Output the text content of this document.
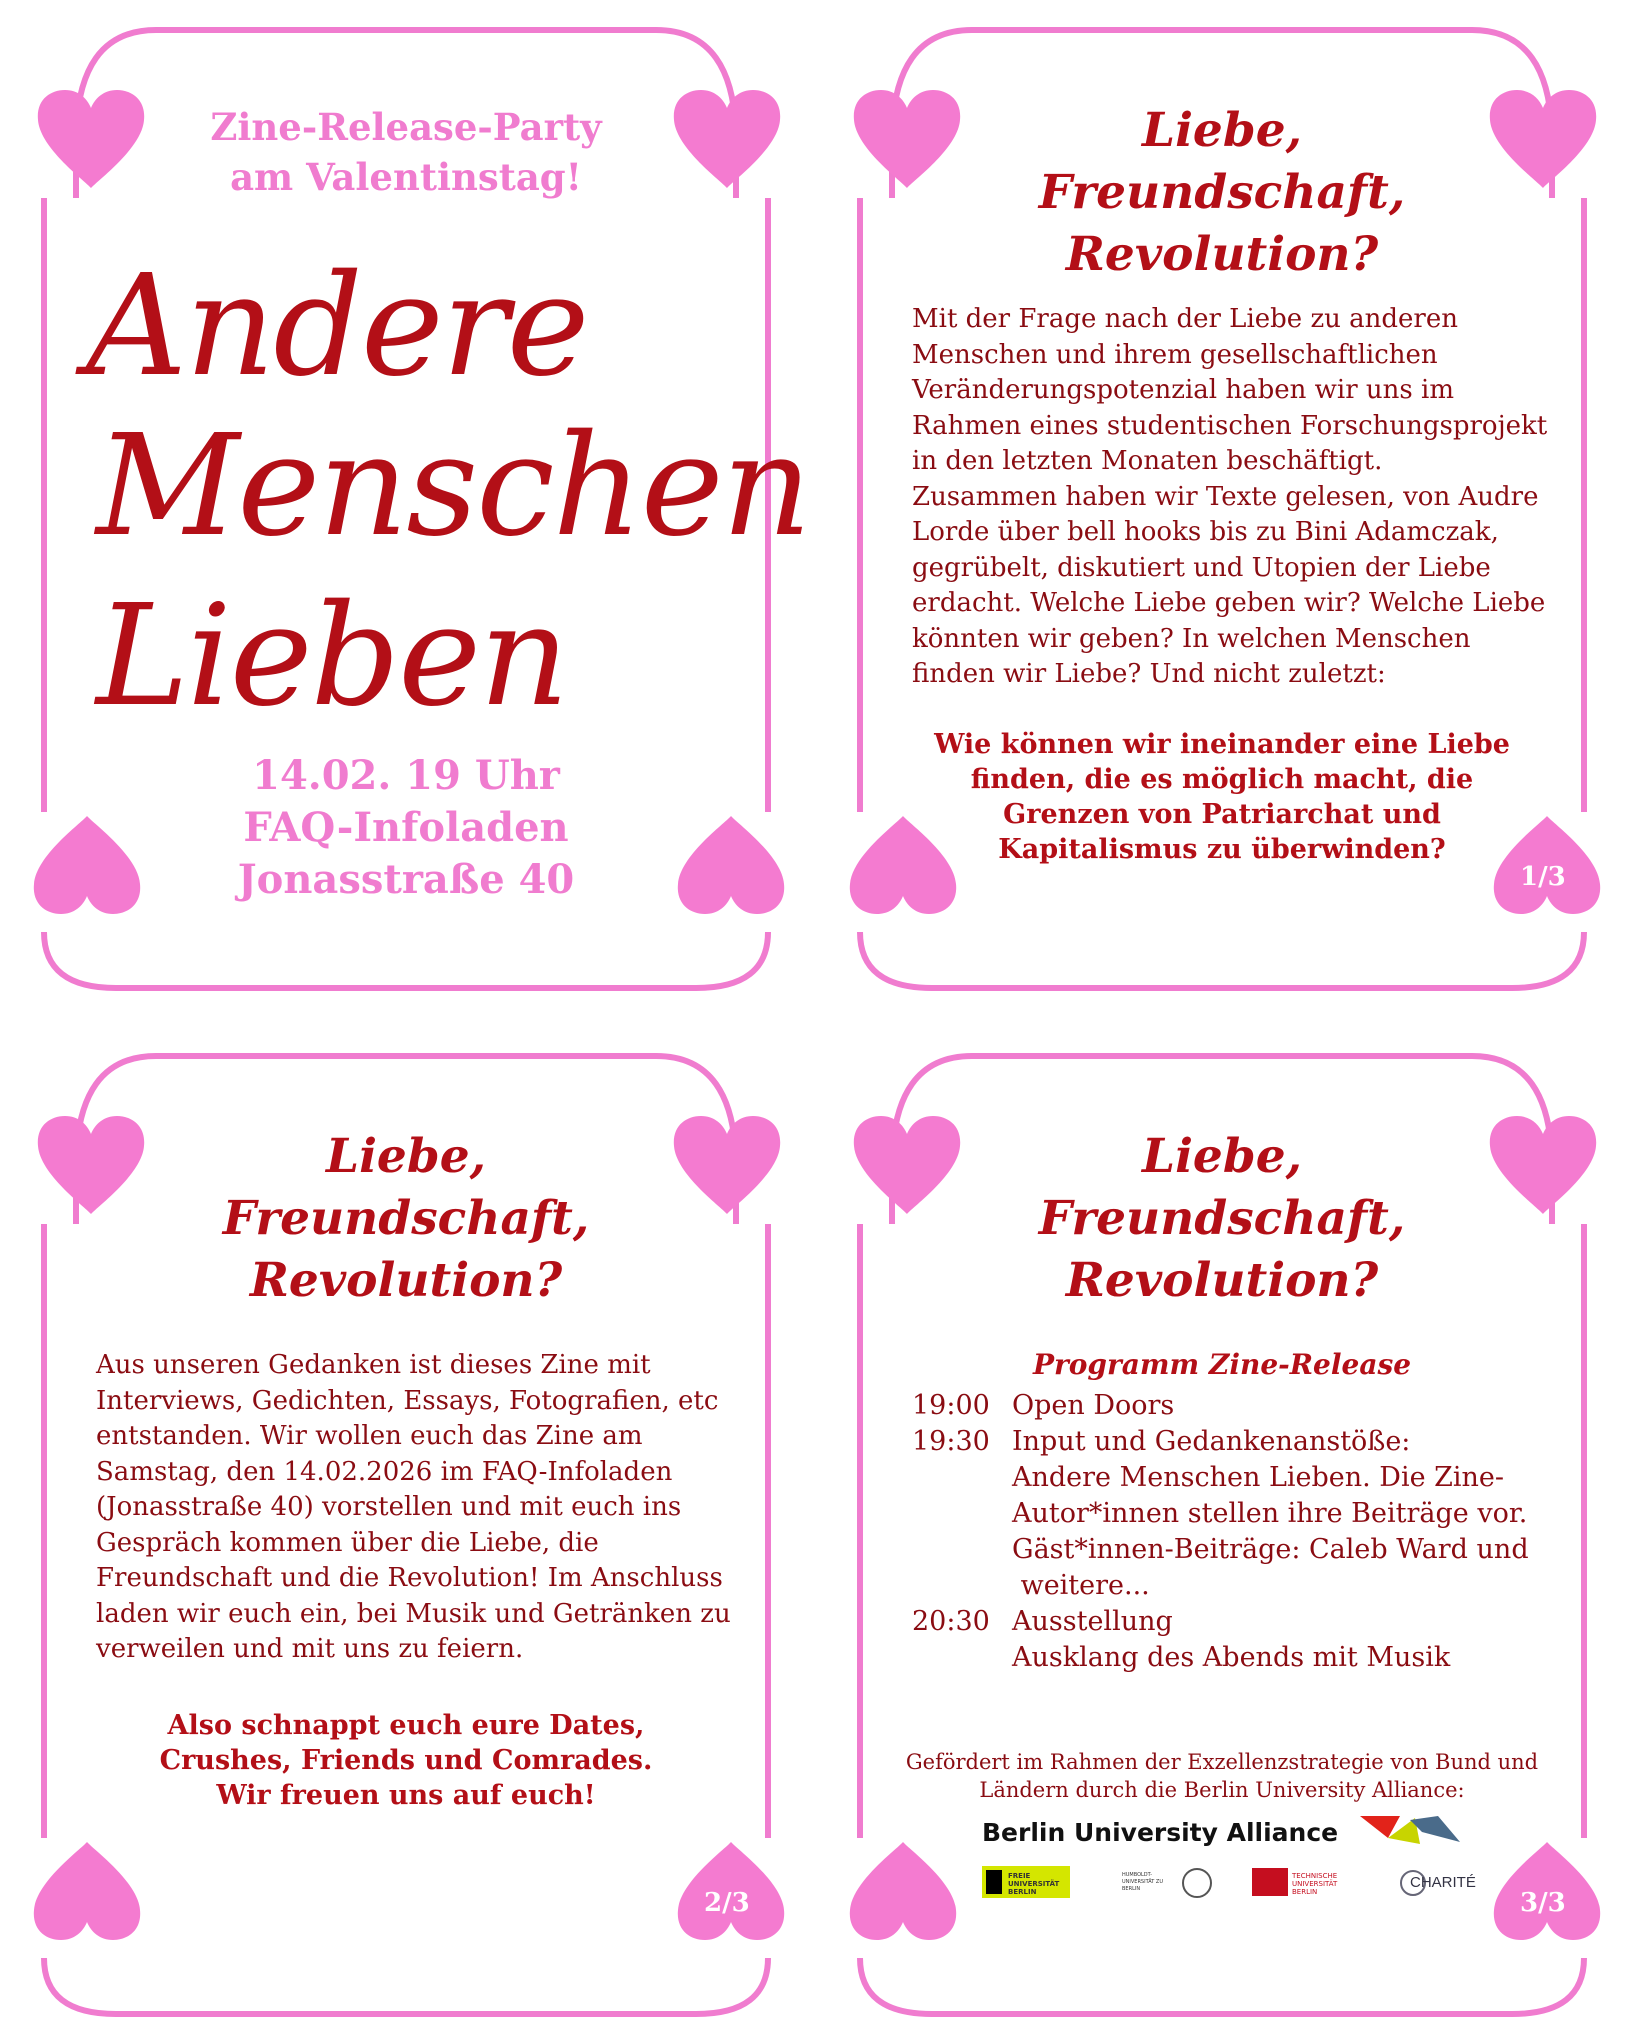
Zine-Release-Party
am Valentinstag!
Andere
Menschen
Lieben
14.02. 19 Uhr
FAQ-Infoladen
Jonasstraße 40
Liebe,
Freundschaft,
Revolution?
Mit der Frage nach der Liebe zu anderen
Menschen und ihrem gesellschaftlichen
Veränderungspotenzial haben wir uns im
Rahmen eines studentischen Forschungsprojekt
in den letzten Monaten beschäftigt.
Zusammen haben wir Texte gelesen, von Audre
Lorde über bell hooks bis zu Bini Adamczak,
gegrübelt, diskutiert und Utopien der Liebe
erdacht. Welche Liebe geben wir? Welche Liebe
könnten wir geben? In welchen Menschen
finden wir Liebe? Und nicht zuletzt:
Wie können wir ineinander eine Liebe
finden, die es möglich macht, die
Grenzen von Patriarchat und
Kapitalismus zu überwinden?
1/3
Liebe,
Freundschaft,
Revolution?
Aus unseren Gedanken ist dieses Zine mit
Interviews, Gedichten, Essays, Fotografien, etc
entstanden. Wir wollen euch das Zine am
Samstag, den 14.02.2026 im FAQ-Infoladen
(Jonasstraße 40) vorstellen und mit euch ins
Gespräch kommen über die Liebe, die
Freundschaft und die Revolution! Im Anschluss
laden wir euch ein, bei Musik und Getränken zu
verweilen und mit uns zu feiern.
Also schnappt euch eure Dates,
Crushes, Friends und Comrades.
Wir freuen uns auf euch!
2/3
Liebe,
Freundschaft,
Revolution?
Programm Zine-Release
19:00 Open Doors
19:30 Input und Gedankenanstöße:
Andere Menschen Lieben. Die Zine-
Autor*innen stellen ihre Beiträge vor.
Gäst*innen-Beiträge: Caleb Ward und
weitere...
20:30 Ausstellung
Ausklang des Abends mit Musik
Gefördert im Rahmen der Exzellenzstrategie von Bund und
Ländern durch die Berlin University Alliance:
Berlin University Alliance
FREIE UNIVERSITÄT BERLIN
HUMBOLDT-UNIVERSITÄT ZU BERLIN
TECHNISCHE UNIVERSITÄT BERLIN
CHARITÉ
3/3
